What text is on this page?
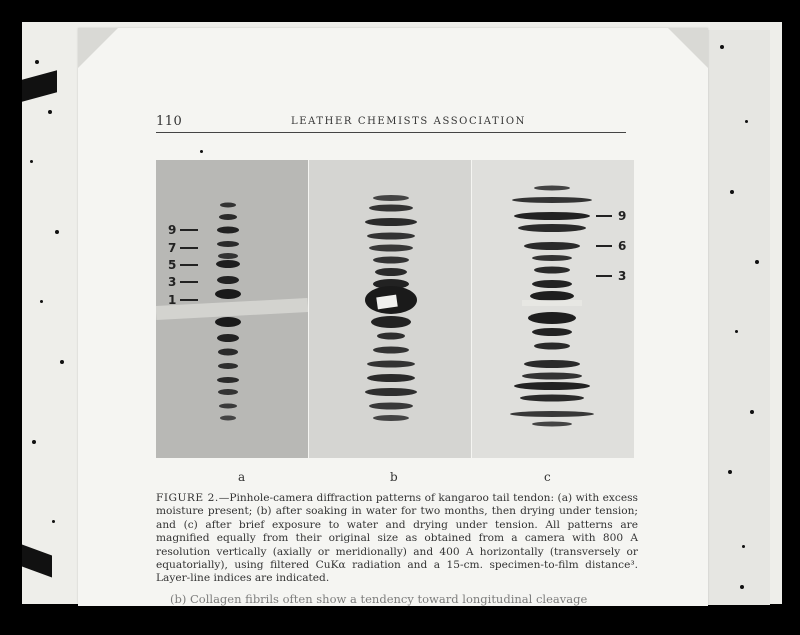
110	LEATHER CHEMISTS ASSOCIATION
9
7
5
3
1
9
6
3
a	b	c
FIGURE 2.—Pinhole-camera diffraction patterns of kangaroo tail tendon: (a) with excess moisture present; (b) after soaking in water for two months, then drying under tension; and (c) after brief exposure to water and drying under tension. All patterns are magnified equally from their original size as obtained from a camera with 800 A resolution vertically (axially or meridionally) and 400 A horizontally (transversely or equatorially), using filtered CuKα radiation and a 15-cm. specimen-to-film distance³. Layer-line indices are indicated.
(b) Collagen fibrils often show a tendency toward longitudinal cleavage
